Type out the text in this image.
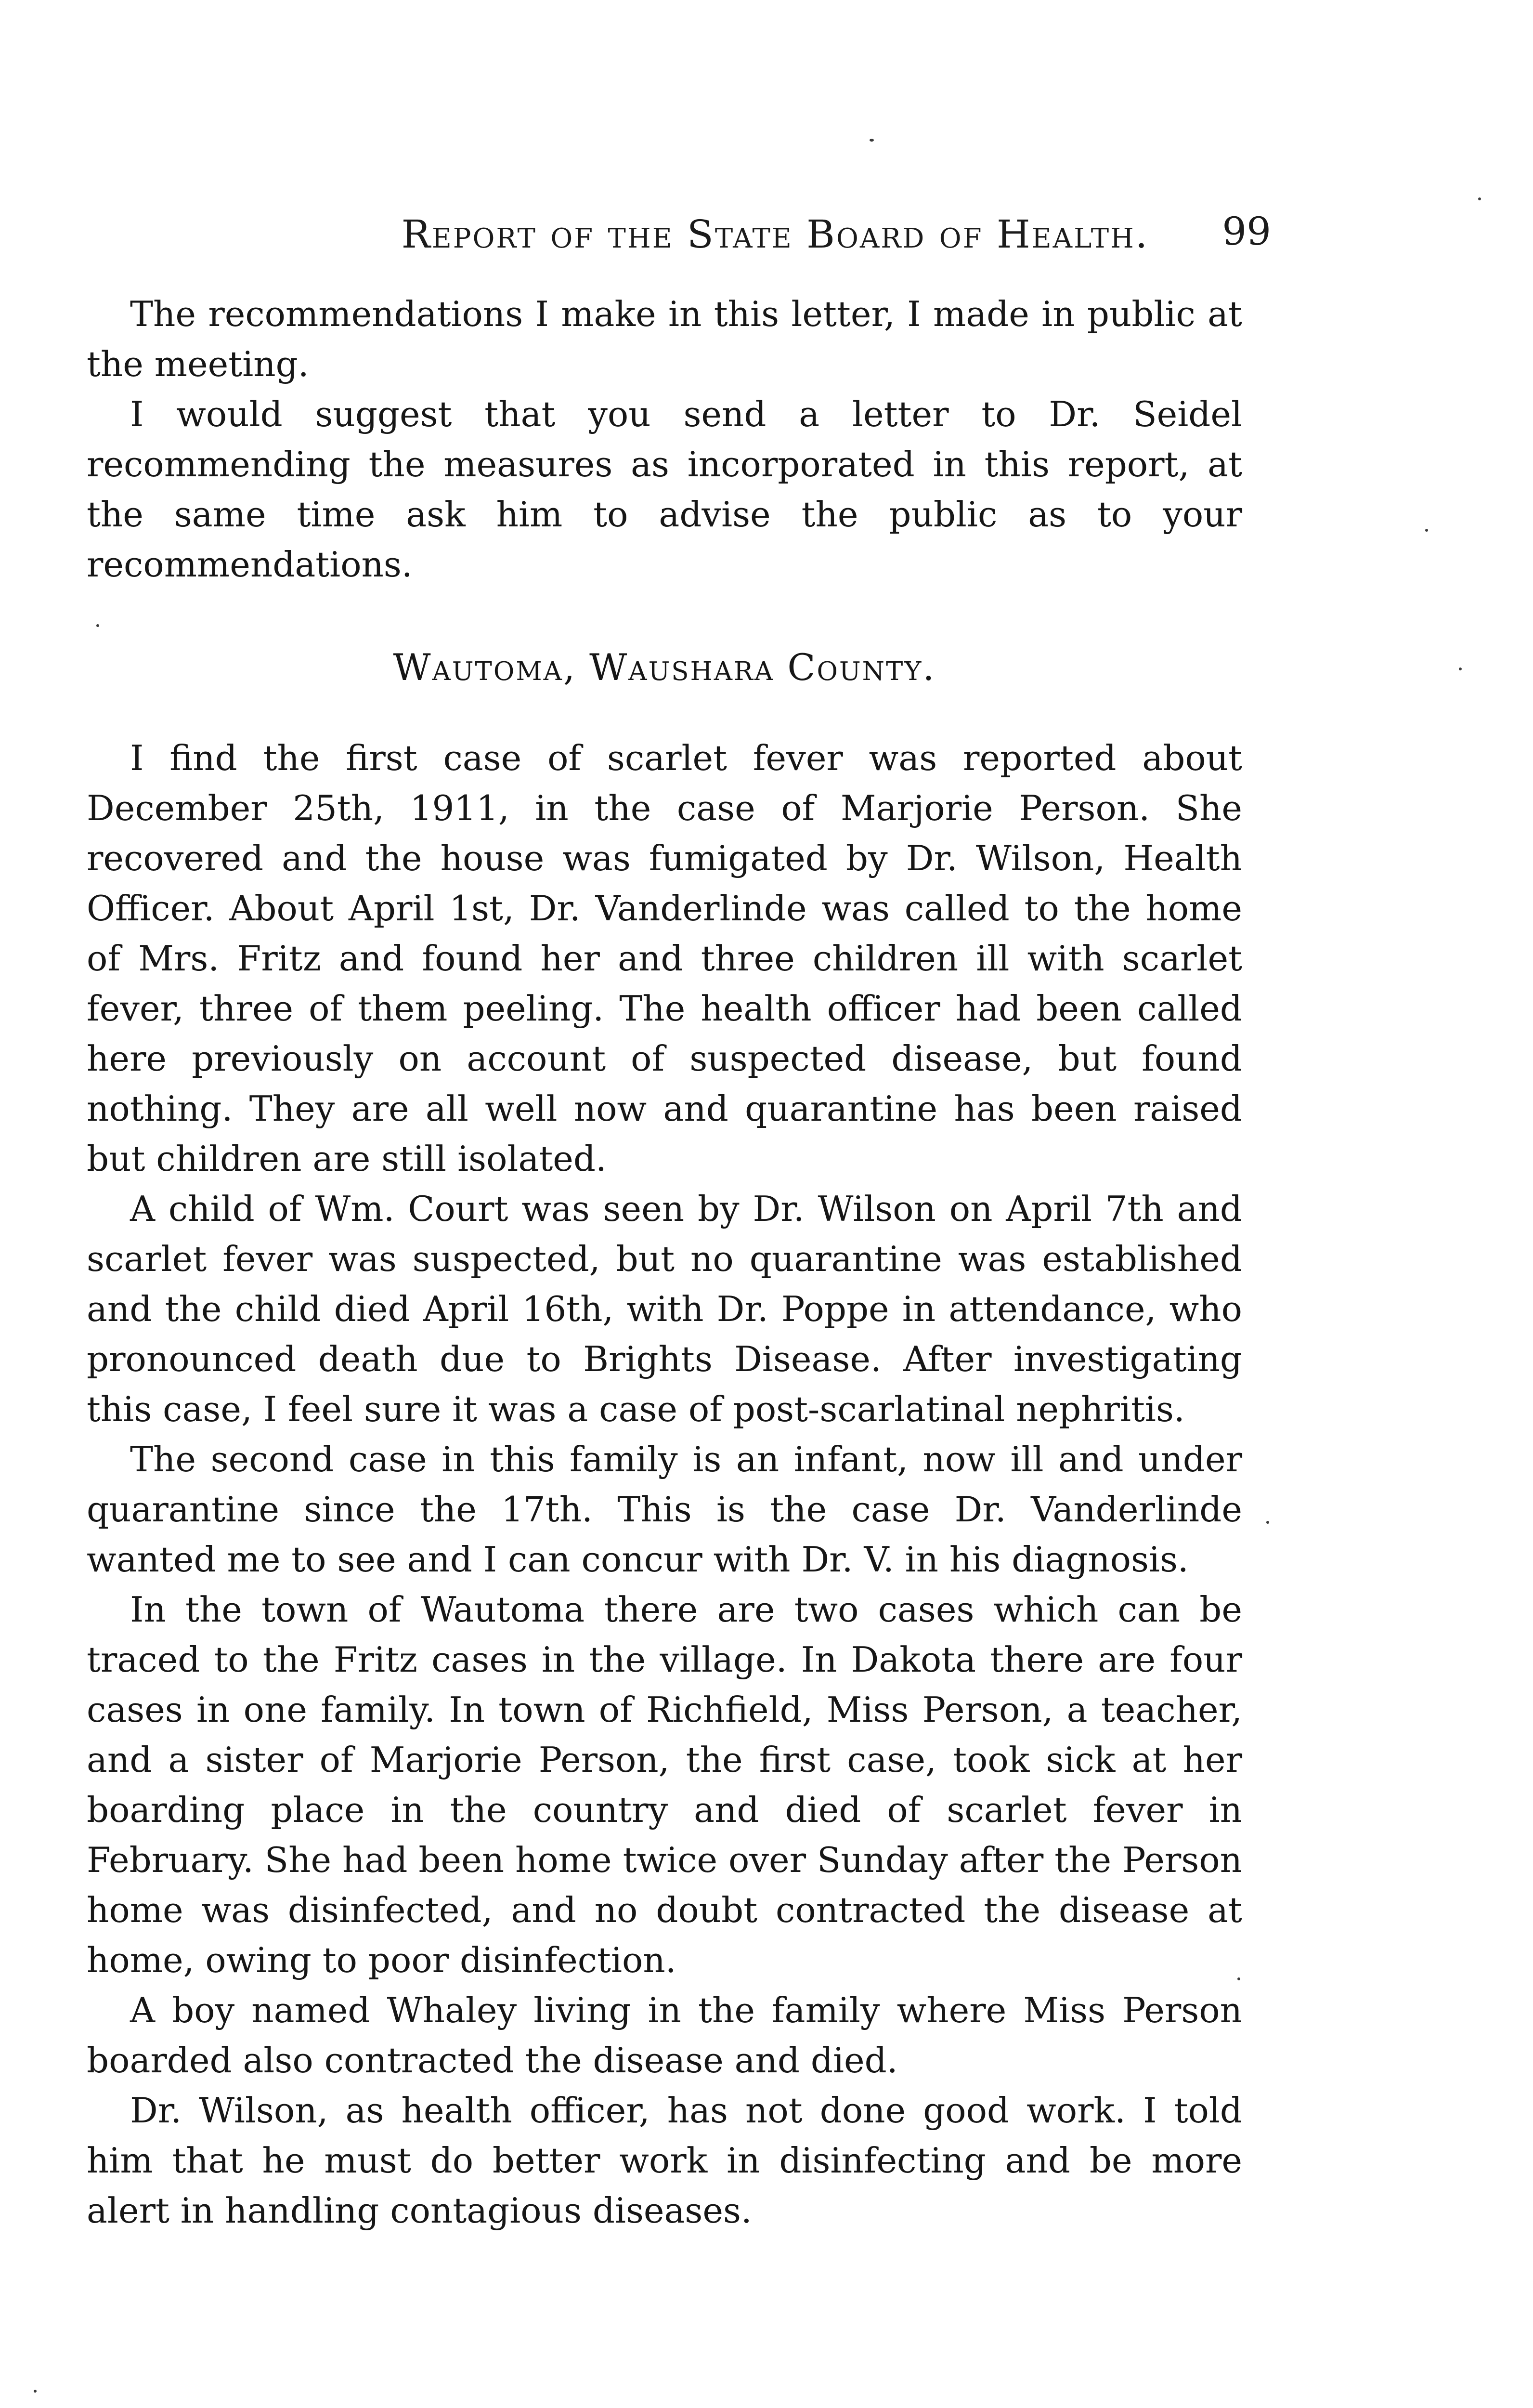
Report of the State Board of Health.	99

The recommendations I make in this letter, I made in public at the meeting.

I would suggest that you send a letter to Dr. Seidel recommending the measures as incorporated in this report, at the same time ask him to advise the public as to your recommendations.

Wautoma, Waushara County.

I find the first case of scarlet fever was reported about December 25th, 1911, in the case of Marjorie Person. She recovered and the house was fumigated by Dr. Wilson, Health Officer. About April 1st, Dr. Vanderlinde was called to the home of Mrs. Fritz and found her and three children ill with scarlet fever, three of them peeling. The health officer had been called here previously on account of suspected disease, but found nothing. They are all well now and quarantine has been raised but children are still isolated.

A child of Wm. Court was seen by Dr. Wilson on April 7th and scarlet fever was suspected, but no quarantine was established and the child died April 16th, with Dr. Poppe in attendance, who pronounced death due to Brights Disease. After investigating this case, I feel sure it was a case of post-scarlatinal nephritis.

The second case in this family is an infant, now ill and under quarantine since the 17th. This is the case Dr. Vanderlinde wanted me to see and I can concur with Dr. V. in his diagnosis.

In the town of Wautoma there are two cases which can be traced to the Fritz cases in the village. In Dakota there are four cases in one family. In town of Richfield, Miss Person, a teacher, and a sister of Marjorie Person, the first case, took sick at her boarding place in the country and died of scarlet fever in February. She had been home twice over Sunday after the Person home was disinfected, and no doubt contracted the disease at home, owing to poor disinfection.

A boy named Whaley living in the family where Miss Person boarded also contracted the disease and died.

Dr. Wilson, as health officer, has not done good work. I told him that he must do better work in disinfecting and be more alert in handling contagious diseases.
